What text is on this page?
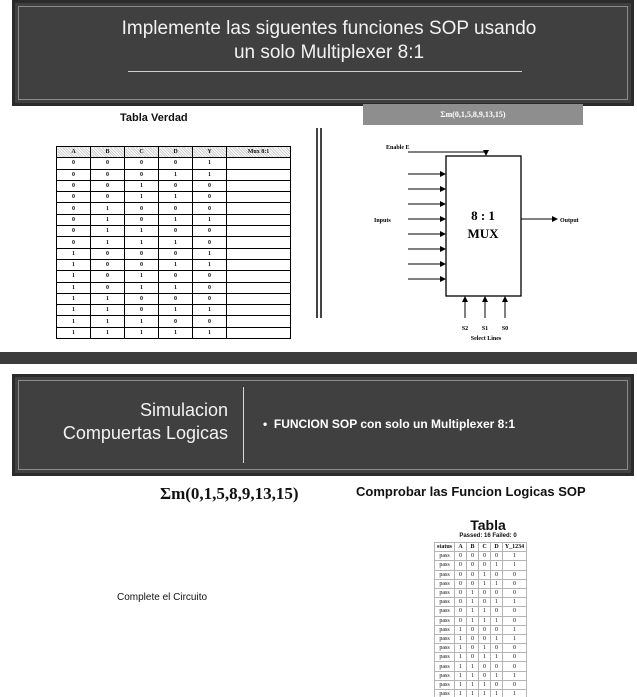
Implemente las siguentes funciones SOP usando
un solo Multiplexer 8:1
Tabla Verdad	Σm(0,1,5,8,9,13,15)
A	B	C	D	Y	Mux 8:1
0	0	0	0	1	
0	0	0	1	1	
0	0	1	0	0	
0	0	1	1	0	
0	1	0	0	0	
0	1	0	1	1	
0	1	1	0	0	
0	1	1	1	0	
1	0	0	0	1	
1	0	0	1	1	
1	0	1	0	0	
1	0	1	1	0	
1	1	0	0	0	
1	1	0	1	1	
1	1	1	0	0	
1	1	1	1	1	
Enable E
8 : 1
MUX
Inputs	Output
S2 S1 S0
Select Lines
Simulacion
Compuertas Logicas	•  FUNCION SOP con solo un Multiplexer 8:1
Σm(0,1,5,8,9,13,15)	Comprobar las Funcion Logicas SOP
Complete el Circuito
Tabla
Passed: 16 Failed: 0
status	A	B	C	D	Y_1234
pass	0	0	0	0	1
pass	0	0	0	1	1
pass	0	0	1	0	0
pass	0	0	1	1	0
pass	0	1	0	0	0
pass	0	1	0	1	1
pass	0	1	1	0	0
pass	0	1	1	1	0
pass	1	0	0	0	1
pass	1	0	0	1	1
pass	1	0	1	0	0
pass	1	0	1	1	0
pass	1	1	0	0	0
pass	1	1	0	1	1
pass	1	1	1	0	0
pass	1	1	1	1	1
